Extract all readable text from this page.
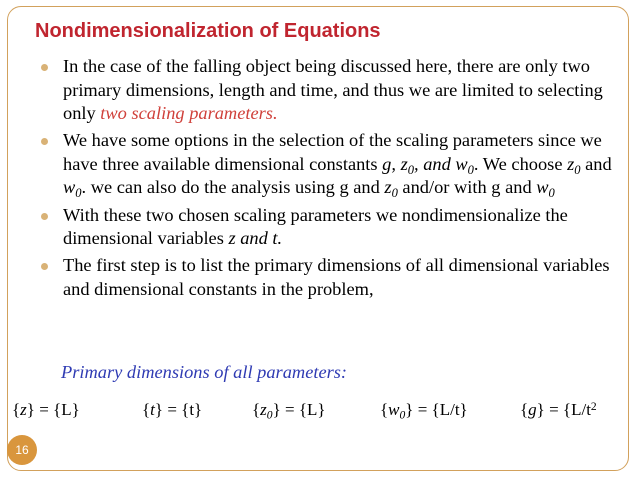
Nondimensionalization of Equations
In the case of the falling object being discussed here, there are only two primary dimensions, length and time, and thus we are limited to selecting only two scaling parameters.
We have some options in the selection of the scaling parameters since we have three available dimensional constants g, $z_0$, and $w_0$. We choose $z_0$ and $w_0$. we can also do the analysis using g and $z_0$ and/or with g and $w_0$
With these two chosen scaling parameters we nondimensionalize the dimensional variables z and t.
The first step is to list the primary dimensions of all dimensional variables and dimensional constants in the problem,

Primary dimensions of all parameters:

{z} = {L}	{t} = {t}	$\{z_0\} = \{L\}$	$\{w_0\} = \{L/t\}$	$\{g\} = \{L/t^2$
16
